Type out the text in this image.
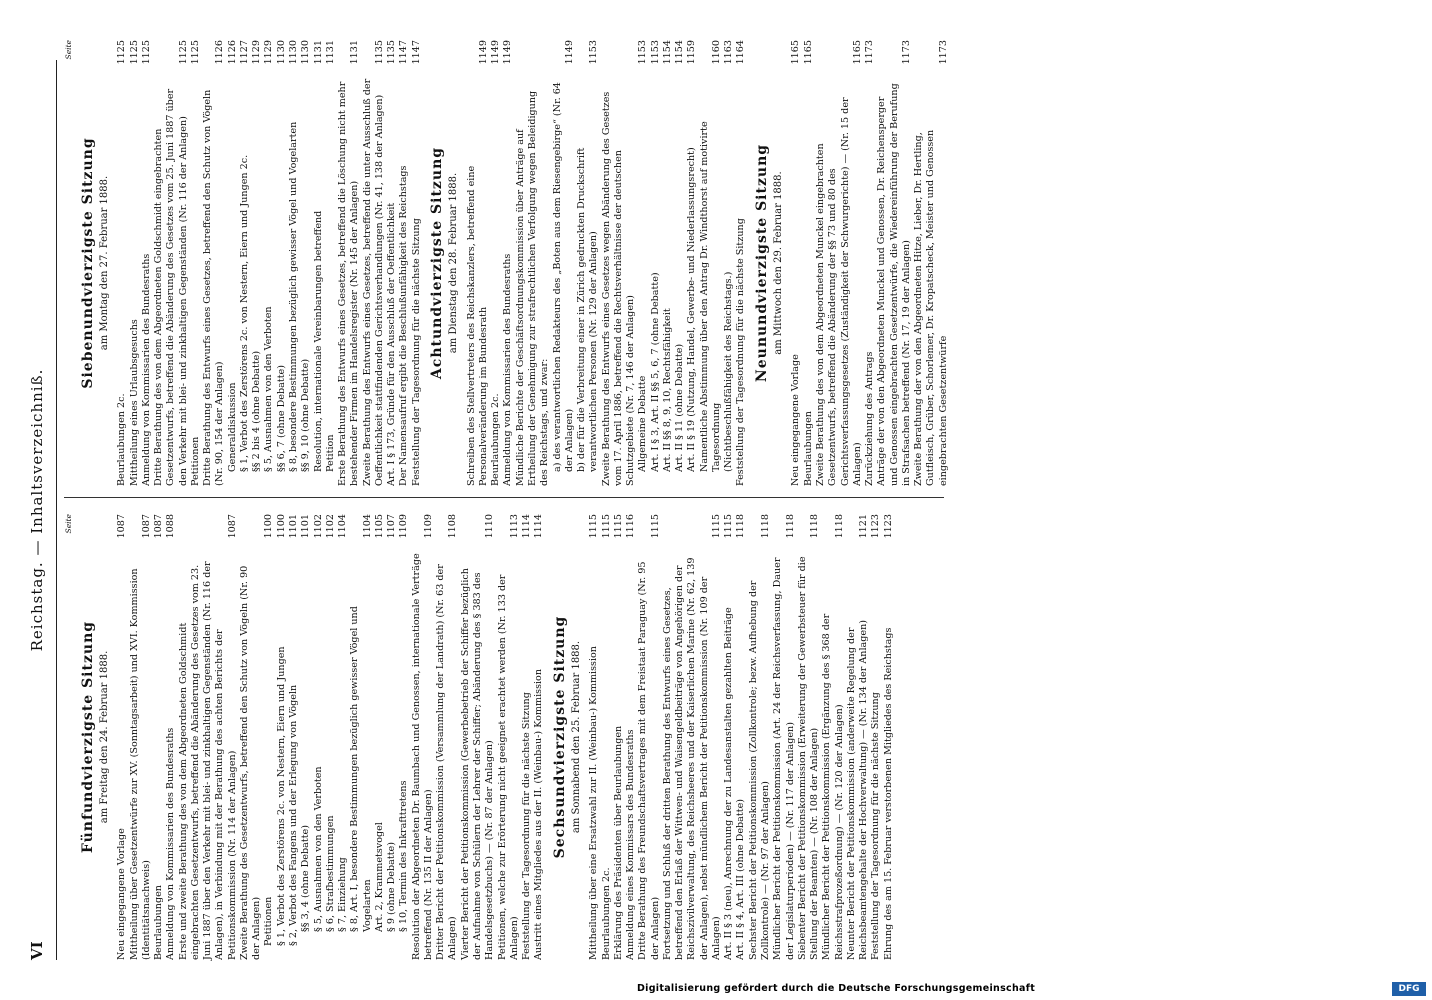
VI
Reichstag. — Inhaltsverzeichniß. Seite
Fünfundvierzigste Sitzung am Freitag den 24. Februar 1888.
Neu eingegangene Vorlage
1087
Mittheilung über Gesetzentwürfe zur XV. (Sonntagsarbeit) und XVI. Kommission (Identitätsnachweis)
1087
Beurlaubungen
1087
Anmeldung von Kommissarien des Bundesraths
1088
Erste und zweite Berathung des von dem Abgeordneten Goldschmidt eingebrachten Gesetzentwurfs, betreffend die Abänderung des Gesetzes vom 23. Juni 1887 über den Verkehr mit blei- und zinkhaltigen Gegenständen (Nr. 116 der Anlagen), in Verbindung mit der Berathung des achten Berichts der Petitionskommission (Nr. 114 der Anlagen)
1087
Zweite Berathung des Gesetzentwurfs, betreffend den Schutz von Vögeln (Nr. 90 der Anlagen) Petitionen
1100
§ 1, Verbot des Zerstörens 2c. von Nestern, Eiern und Jungen
1100
§ 2, Verbot des Fangens und der Erlegung von Vögeln
1101
§§ 3, 4 (ohne Debatte)
1101
§ 5, Ausnahmen von den Verboten
1102
§ 6, Strafbestimmungen
1102
§ 7, Einziehung
1104
§ 8, Art. I, besondere Bestimmungen bezüglich gewisser Vögel und Vogelarten
1104
Art. 2, Krammetsvogel
1105
§ 9 (ohne Debatte)
1107
§ 10, Termin des Inkrafttretens
1109
Resolution der Abgeordneten Dr. Baumbach und Genossen, internationale Verträge betreffend (Nr. 135 II der Anlagen)
1109
Dritter Bericht der Petitionskommission (Versammlung der Landrath) (Nr. 63 der Anlagen)
1108
Vierter Bericht der Petitionskommission (Gewerbebetrieb der Schiffer bezüglich der Aufnahme von Schülern der Lehrer der Schiffer; Abänderung des § 383 des Handelsgesetzbuchs) — (Nr. 87 der Anlagen)
1110
Petitionen, welche zur Erörterung nicht geeignet erachtet werden (Nr. 133 der Anlagen)
1113
Feststellung der Tagesordnung für die nächste Sitzung
1114
Austritt eines Mitgliedes aus der II. (Weinbau-) Kommission
1114
Sechsundvierzigste Sitzung am Sonnabend den 25. Februar 1888. Mittheilung über eine Ersatzwahl zur II. (Weinbau-) Kommission
1115
Beurlaubungen 2c.
1115
Erklärung des Präsidenten über Beurlaubungen
1115
Anmeldung eines Kommissars des Bundesraths
1116
Dritte Berathung des Freundschaftsvertrages mit dem Freistaat Paraguay (Nr. 95 der Anlagen)
1115
Fortsetzung und Schluß der dritten Berathung des Entwurfs eines Gesetzes, betreffend den Erlaß der Wittwen- und Waisengeldbeiträge von Angehörigen der Reichszivilverwaltung, des Reichsheeres und der Kaiserlichen Marine (Nr. 62, 139 der Anlagen), nebst mündlichem Bericht der Petitionskommission (Nr. 109 der Anlagen)
1115
Art. II § 3 (neu), Anrechnung der zu Landesanstalten gezahlten Beiträge
1115
Art. II § 4, Art. III (ohne Debatte)
1118
Sechster Bericht der Petitionskommission (Zollkontrole; bezw. Aufhebung der Zollkontrole) — (Nr. 97 der Anlagen)
1118
Mündlicher Bericht der Petitionskommission (Art. 24 der Reichsverfassung, Dauer der Legislaturperioden) — (Nr. 117 der Anlagen)
1118
Siebenter Bericht der Petitionskommission (Erweiterung der Gewerbsteuer für die Stellung der Beamten) — (Nr. 108 der Anlagen)
1118
Mündlicher Bericht der Petitionskommission (Ergänzung des § 368 der Reichsstrafprozeßordnung) — (Nr. 120 der Anlagen)
1118
Neunter Bericht der Petitionskommission (anderweite Regelung der Reichsbeamtengehalte der Hochverwaltung) — (Nr. 134 der Anlagen)
1121
Feststellung der Tagesordnung für die nächste Sitzung
1123
Ehrung des am 15. Februar verstorbenen Mitgliedes des Reichstags
1123
Seite
Siebenundvierzigste Sitzung am Montag den 27. Februar 1888.
Beurlaubungen 2c.
1125
Mittheilung eines Urlaubsgesuchs
1125
Anmeldung von Kommissarien des Bundesraths
1125
Dritte Berathung des von dem Abgeordneten Goldschmidt eingebrachten Gesetzentwurfs, betreffend die Abänderung des Gesetzes vom 25. Juni 1887 über den Verkehr mit blei- und zinkhaltigen Gegenständen (Nr. 116 der Anlagen)
1125
Petitionen
1125
Dritte Berathung des Entwurfs eines Gesetzes, betreffend den Schutz von Vögeln (Nr. 90, 154 der Anlagen)
1126
Generaldiskussion
1126
§ 1, Verbot des Zerstörens 2c. von Nestern, Eiern und Jungen 2c.
1127
§§ 2 bis 4 (ohne Debatte)
1129
§ 5, Ausnahmen von den Verboten
1129
§§ 6, 7 (ohne Debatte)
1130
§ 8, besondere Bestimmungen bezüglich gewisser Vögel und Vogelarten
1130
§§ 9, 10 (ohne Debatte)
1130
Resolution, internationale Vereinbarungen betreffend
1131
Petition
1131
Erste Berathung des Entwurfs eines Gesetzes, betreffend die Löschung nicht mehr bestehender Firmen im Handelsregister (Nr. 145 der Anlagen)
1131
Zweite Berathung des Entwurfs eines Gesetzes, betreffend die unter Ausschluß der Oeffentlichkeit stattfindenden Gerichtsverhandlungen (Nr. 41, 138 der Anlagen)
1135
Art. I § 173, Gründe für den Ausschluß der Oeffentlichkeit
1135
Der Namensaufruf ergibt die Beschlußunfähigkeit des Reichstags
1147
Feststellung der Tagesordnung für die nächste Sitzung
1147
Achtundvierzigste Sitzung am Dienstag den 28. Februar 1888. Schreiben des Stellvertreters des Reichskanzlers, betreffend eine Personalveränderung im Bundesrath
1149
Beurlaubungen 2c.
1149
Anmeldung von Kommissarien des Bundesraths
1149
Mündliche Berichte der Geschäftsordnungskommission über Anträge auf Ertheilung der Genehmigung zur strafrechtlichen Verfolgung wegen Beleidigung des Reichstags, und zwar: a) des verantwortlichen Redakteurs des „Boten aus dem Riesengebirge“ (Nr. 64 der Anlagen)
1149
b) der für die Verbreitung einer in Zürich gedruckten Druckschrift verantwortlichen Personen (Nr. 129 der Anlagen)
1153
Zweite Berathung des Entwurfs eines Gesetzes wegen Abänderung des Gesetzes vom 17. April 1886, betreffend die Rechtsverhältnisse der deutschen Schutzgebiete (Nr. 7, 146 der Anlagen) Allgemeine Debatte
1153
Art. I § 3, Art. II §§ 5, 6, 7 (ohne Debatte)
1153
Art. II §§ 8, 9, 10, Rechtsfähigkeit
1154
Art. II § 11 (ohne Debatte)
1154
Art. II § 19 (Nutzung, Handel, Gewerbe- und Niederlassungsrecht)
1159
Namentliche Abstimmung über den Antrag Dr. Windthorst auf motivirte Tagesordnung
1160
(Nichtbeschlußfähigkeit des Reichstags.)
1163
Feststellung der Tagesordnung für die nächste Sitzung
1164
Neunundvierzigste Sitzung am Mittwoch den 29. Februar 1888.
Neu eingegangene Vorlage
1165
Beurlaubungen
1165
Zweite Berathung des von dem Abgeordneten Munckel eingebrachten Gesetzentwurfs, betreffend die Abänderung der §§ 73 und 80 des Gerichtsverfassungsgesetzes (Zuständigkeit der Schwurgerichte) — (Nr. 15 der Anlagen)
1165
Zurückziehung des Antrags
1173
Anträge der von den Abgeordneten Munckel und Genossen, Dr. Reichensperger und Genossen eingebrachten Gesetzentwürfe, die Wiedereinführung der Berufung in Strafsachen betreffend (Nr. 17, 19 der Anlagen)
1173
Zweite Berathung der von den Abgeordneten Hitze, Lieber, Dr. Hertling, Gutfleisch, Grüber, Schorlemer, Dr. Kropatscheck, Meister und Genossen eingebrachten Gesetzentwürfe
1173
Digitalisierung gefördert durch die Deutsche Forschungsgemeinschaft	DFG
